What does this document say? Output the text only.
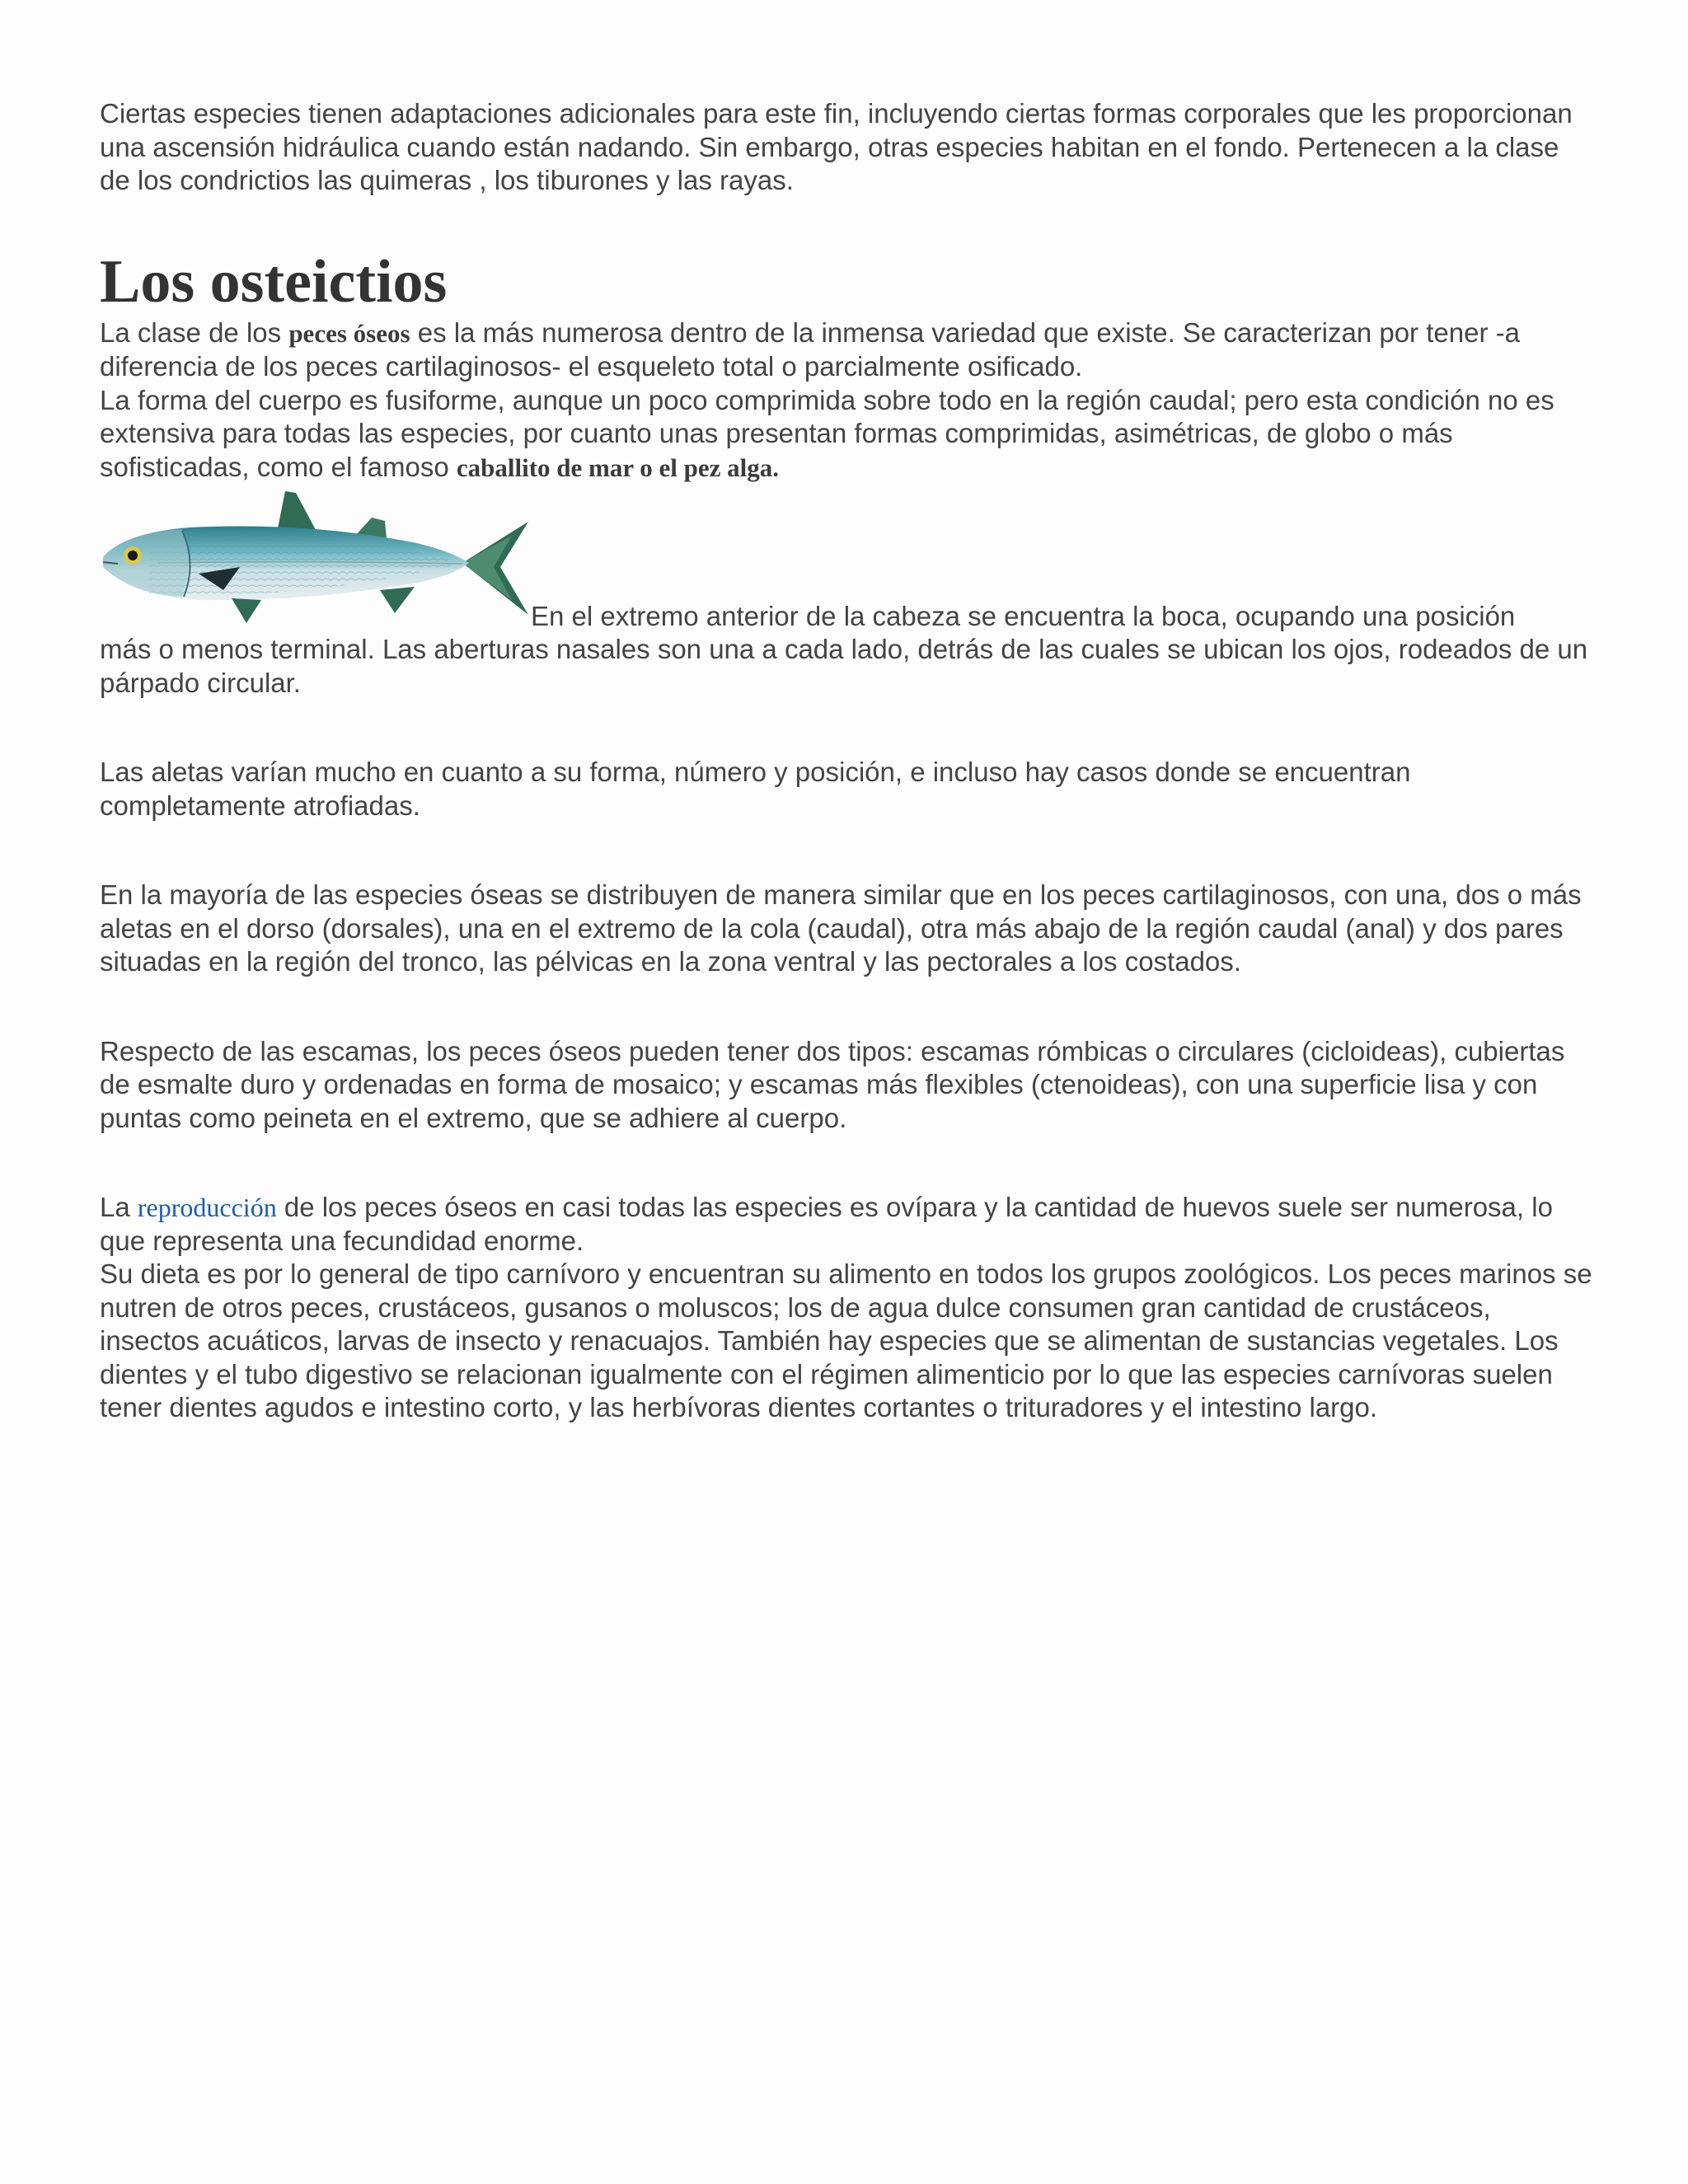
Ciertas especies tienen adaptaciones adicionales para este fin, incluyendo ciertas formas corporales que les proporcionan una ascensión hidráulica cuando están nadando. Sin embargo, otras especies habitan en el fondo. Pertenecen a la clase de los condrictios las quimeras , los tiburones y las rayas.

Los osteictios

La clase de los peces óseos es la más numerosa dentro de la inmensa variedad que existe. Se caracterizan por tener -a diferencia de los peces cartilaginosos- el esqueleto total o parcialmente osificado.

La forma del cuerpo es fusiforme, aunque un poco comprimida sobre todo en la región caudal; pero esta condición no es extensiva para todas las especies, por cuanto unas presentan formas comprimidas, asimétricas, de globo o más sofisticadas, como el famoso caballito de mar o el pez alga.

En el extremo anterior de la cabeza se encuentra la boca, ocupando una posición

más o menos terminal. Las aberturas nasales son una a cada lado, detrás de las cuales se ubican los ojos, rodeados de un párpado circular.

Las aletas varían mucho en cuanto a su forma, número y posición, e incluso hay casos donde se encuentran completamente atrofiadas.

En la mayoría de las especies óseas se distribuyen de manera similar que en los peces cartilaginosos, con una, dos o más aletas en el dorso (dorsales), una en el extremo de la cola (caudal), otra más abajo de la región caudal (anal) y dos pares situadas en la región del tronco, las pélvicas en la zona ventral y las pectorales a los costados.

Respecto de las escamas, los peces óseos pueden tener dos tipos: escamas rómbicas o circulares (cicloideas), cubiertas de esmalte duro y ordenadas en forma de mosaico; y escamas más flexibles (ctenoideas), con una superficie lisa y con puntas como peineta en el extremo, que se adhiere al cuerpo.

La reproducción de los peces óseos en casi todas las especies es ovípara y la cantidad de huevos suele ser numerosa, lo que representa una fecundidad enorme.

Su dieta es por lo general de tipo carnívoro y encuentran su alimento en todos los grupos zoológicos. Los peces marinos se nutren de otros peces, crustáceos, gusanos o moluscos; los de agua dulce consumen gran cantidad de crustáceos, insectos acuáticos, larvas de insecto y renacuajos. También hay especies que se alimentan de sustancias vegetales. Los dientes y el tubo digestivo se relacionan igualmente con el régimen alimenticio por lo que las especies carnívoras suelen tener dientes agudos e intestino corto, y las herbívoras dientes cortantes o trituradores y el intestino largo.
